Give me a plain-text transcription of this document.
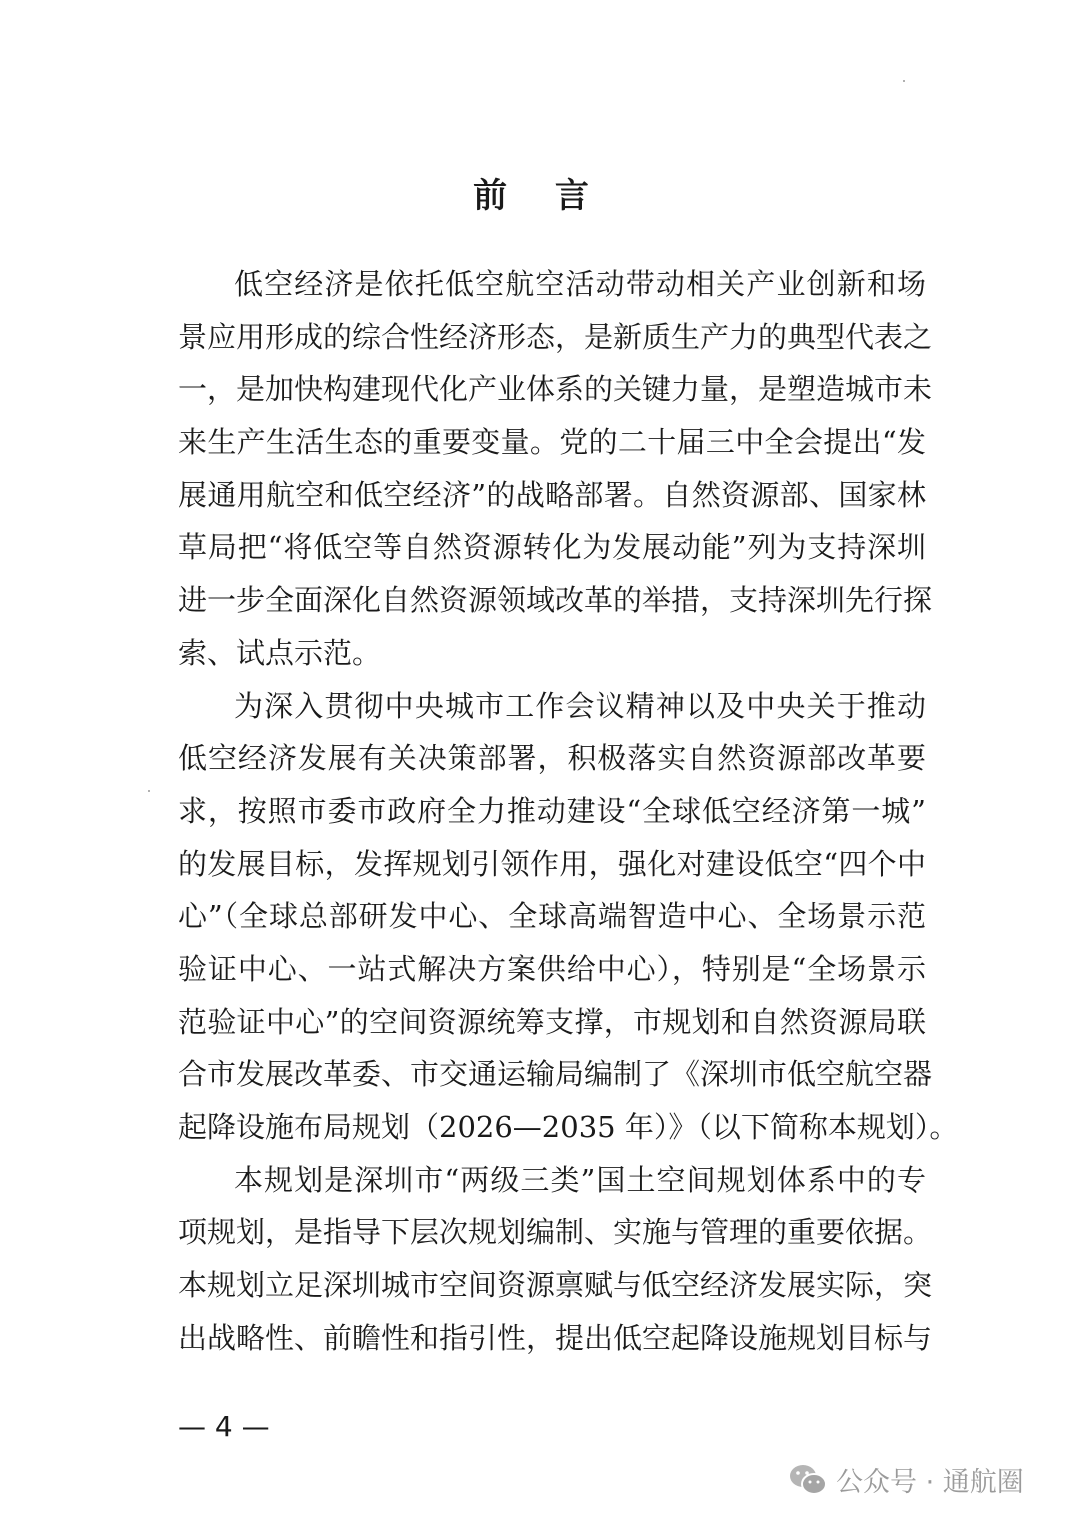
前 言
低空经济是依托低空航空活动带动相关产业创新和场
景应用形成的综合性经济形态，是新质生产力的典型代表之
一，是加快构建现代化产业体系的关键力量，是塑造城市未
来生产生活生态的重要变量。党的二十届三中全会提出“发
展通用航空和低空经济”的战略部署。自然资源部、国家林
草局把“将低空等自然资源转化为发展动能”列为支持深圳
进一步全面深化自然资源领域改革的举措，支持深圳先行探
索、试点示范。
为深入贯彻中央城市工作会议精神以及中央关于推动
低空经济发展有关决策部署，积极落实自然资源部改革要
求，按照市委市政府全力推动建设“全球低空经济第一城”
的发展目标，发挥规划引领作用，强化对建设低空“四个中
心”（全球总部研发中心、全球高端智造中心、全场景示范
验证中心、一站式解决方案供给中心），特别是“全场景示
范验证中心”的空间资源统筹支撑，市规划和自然资源局联
合市发展改革委、市交通运输局编制了《深圳市低空航空器
起降设施布局规划（2026—2035 年）》（以下简称本规划）。
本规划是深圳市“两级三类”国土空间规划体系中的专
项规划，是指导下层次规划编制、实施与管理的重要依据。
本规划立足深圳城市空间资源禀赋与低空经济发展实际，突
出战略性、前瞻性和指引性，提出低空起降设施规划目标与
— 4 —
公众号 · 通航圈
